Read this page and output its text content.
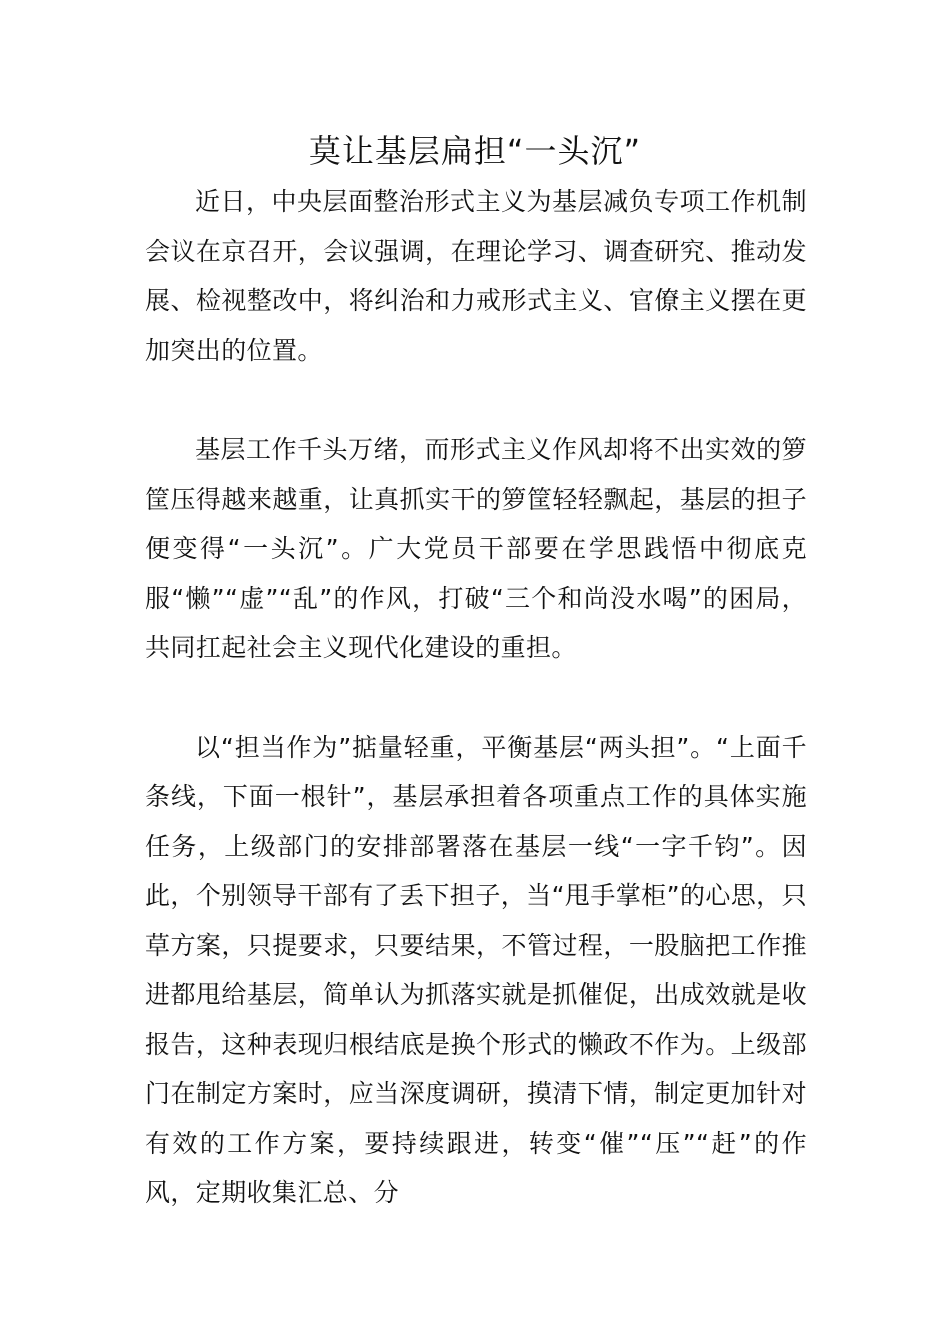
莫让基层扁担“一头沉”

近日，中央层面整治形式主义为基层减负专项工作机制会议在京召开，会议强调，在理论学习、调查研究、推动发展、检视整改中，将纠治和力戒形式主义、官僚主义摆在更加突出的位置。

基层工作千头万绪，而形式主义作风却将不出实效的箩筐压得越来越重，让真抓实干的箩筐轻轻飘起，基层的担子便变得“一头沉”。广大党员干部要在学思践悟中彻底克服“懒”“虚”“乱”的作风，打破“三个和尚没水喝”的困局，共同扛起社会主义现代化建设的重担。

以“担当作为”掂量轻重，平衡基层“两头担”。“上面千条线，下面一根针”，基层承担着各项重点工作的具体实施任务，上级部门的安排部署落在基层一线“一字千钧”。因此，个别领导干部有了丢下担子，当“甩手掌柜”的心思，只草方案，只提要求，只要结果，不管过程，一股脑把工作推进都甩给基层，简单认为抓落实就是抓催促，出成效就是收报告，这种表现归根结底是换个形式的懒政不作为。上级部门在制定方案时，应当深度调研，摸清下情，制定更加针对有效的工作方案，要持续跟进，转变“催”“压”“赶”的作风，定期收集汇总、分
